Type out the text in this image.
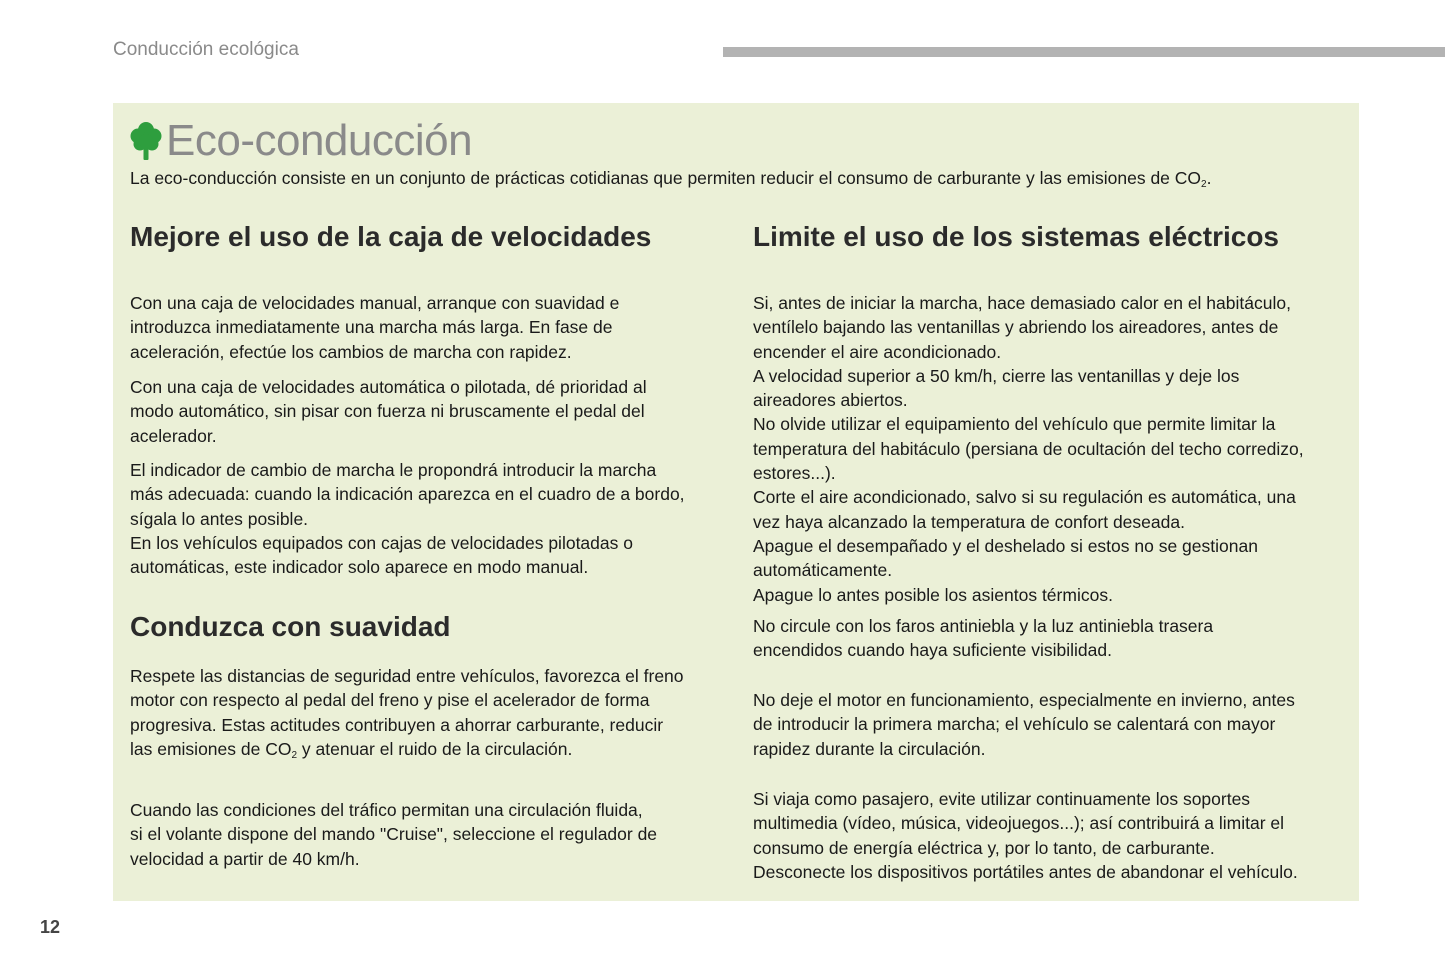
Conducción ecológica
Eco-conducción
La eco-conducción consiste en un conjunto de prácticas cotidianas que permiten reducir el consumo de carburante y las emisiones de $CO_2$.
Mejore el uso de la caja de velocidades

Con una caja de velocidades manual, arranque con suavidad e
introduzca inmediatamente una marcha más larga. En fase de
aceleración, efectúe los cambios de marcha con rapidez.

Con una caja de velocidades automática o pilotada, dé prioridad al
modo automático, sin pisar con fuerza ni bruscamente el pedal del
acelerador.

El indicador de cambio de marcha le propondrá introducir la marcha
más adecuada: cuando la indicación aparezca en el cuadro de a bordo,
sígala lo antes posible.
En los vehículos equipados con cajas de velocidades pilotadas o
automáticas, este indicador solo aparece en modo manual.

Conduzca con suavidad

Respete las distancias de seguridad entre vehículos, favorezca el freno
motor con respecto al pedal del freno y pise el acelerador de forma
progresiva. Estas actitudes contribuyen a ahorrar carburante, reducir
las emisiones de $CO_2$ y atenuar el ruido de la circulación.

Cuando las condiciones del tráfico permitan una circulación fluida,
si el volante dispone del mando "Cruise", seleccione el regulador de
velocidad a partir de 40 km/h.

Limite el uso de los sistemas eléctricos

Si, antes de iniciar la marcha, hace demasiado calor en el habitáculo,
ventílelo bajando las ventanillas y abriendo los aireadores, antes de
encender el aire acondicionado.
A velocidad superior a 50 km/h, cierre las ventanillas y deje los
aireadores abiertos.
No olvide utilizar el equipamiento del vehículo que permite limitar la
temperatura del habitáculo (persiana de ocultación del techo corredizo,
estores...).
Corte el aire acondicionado, salvo si su regulación es automática, una
vez haya alcanzado la temperatura de confort deseada.
Apague el desempañado y el deshelado si estos no se gestionan
automáticamente.
Apague lo antes posible los asientos térmicos.

No circule con los faros antiniebla y la luz antiniebla trasera
encendidos cuando haya suficiente visibilidad.

No deje el motor en funcionamiento, especialmente en invierno, antes
de introducir la primera marcha; el vehículo se calentará con mayor
rapidez durante la circulación.

Si viaja como pasajero, evite utilizar continuamente los soportes
multimedia (vídeo, música, videojuegos...); así contribuirá a limitar el
consumo de energía eléctrica y, por lo tanto, de carburante.
Desconecte los dispositivos portátiles antes de abandonar el vehículo.

12
